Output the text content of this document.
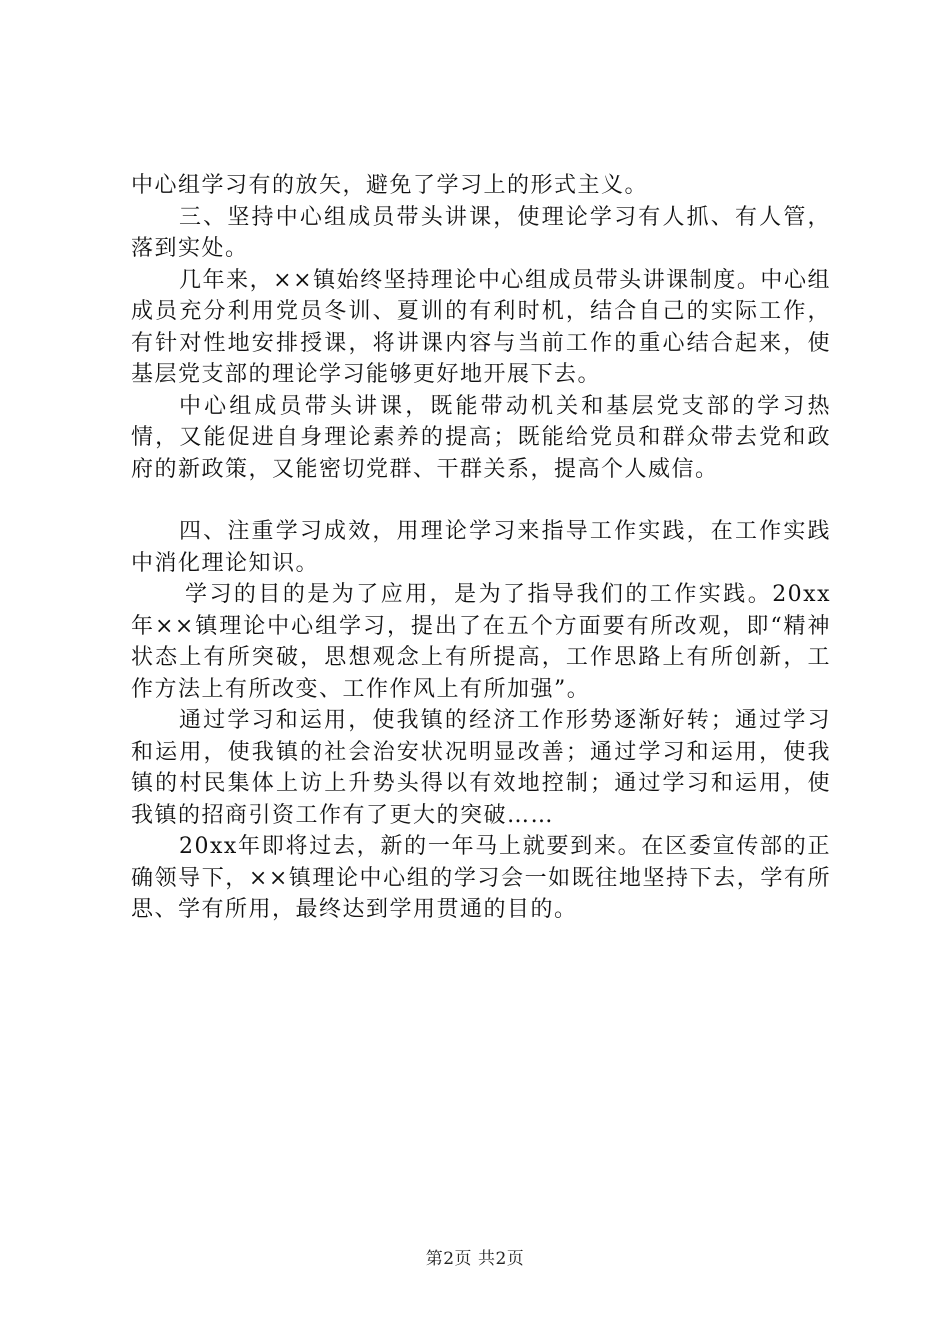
中心组学习有的放矢，避免了学习上的形式主义。

三、坚持中心组成员带头讲课，使理论学习有人抓、有人管，落到实处。

几年来，××镇始终坚持理论中心组成员带头讲课制度。中心组成员充分利用党员冬训、夏训的有利时机，结合自己的实际工作，有针对性地安排授课，将讲课内容与当前工作的重心结合起来，使基层党支部的理论学习能够更好地开展下去。

中心组成员带头讲课，既能带动机关和基层党支部的学习热情，又能促进自身理论素养的提高；既能给党员和群众带去党和政府的新政策，又能密切党群、干群关系，提高个人威信。

四、注重学习成效，用理论学习来指导工作实践，在工作实践中消化理论知识。

学习的目的是为了应用，是为了指导我们的工作实践。20xx年××镇理论中心组学习，提出了在五个方面要有所改观，即“精神状态上有所突破，思想观念上有所提高，工作思路上有所创新，工作方法上有所改变、工作作风上有所加强”。

通过学习和运用，使我镇的经济工作形势逐渐好转；通过学习和运用，使我镇的社会治安状况明显改善；通过学习和运用，使我镇的村民集体上访上升势头得以有效地控制；通过学习和运用，使我镇的招商引资工作有了更大的突破……

20xx年即将过去，新的一年马上就要到来。在区委宣传部的正确领导下，××镇理论中心组的学习会一如既往地坚持下去，学有所思、学有所用，最终达到学用贯通的目的。

第2页 共2页
